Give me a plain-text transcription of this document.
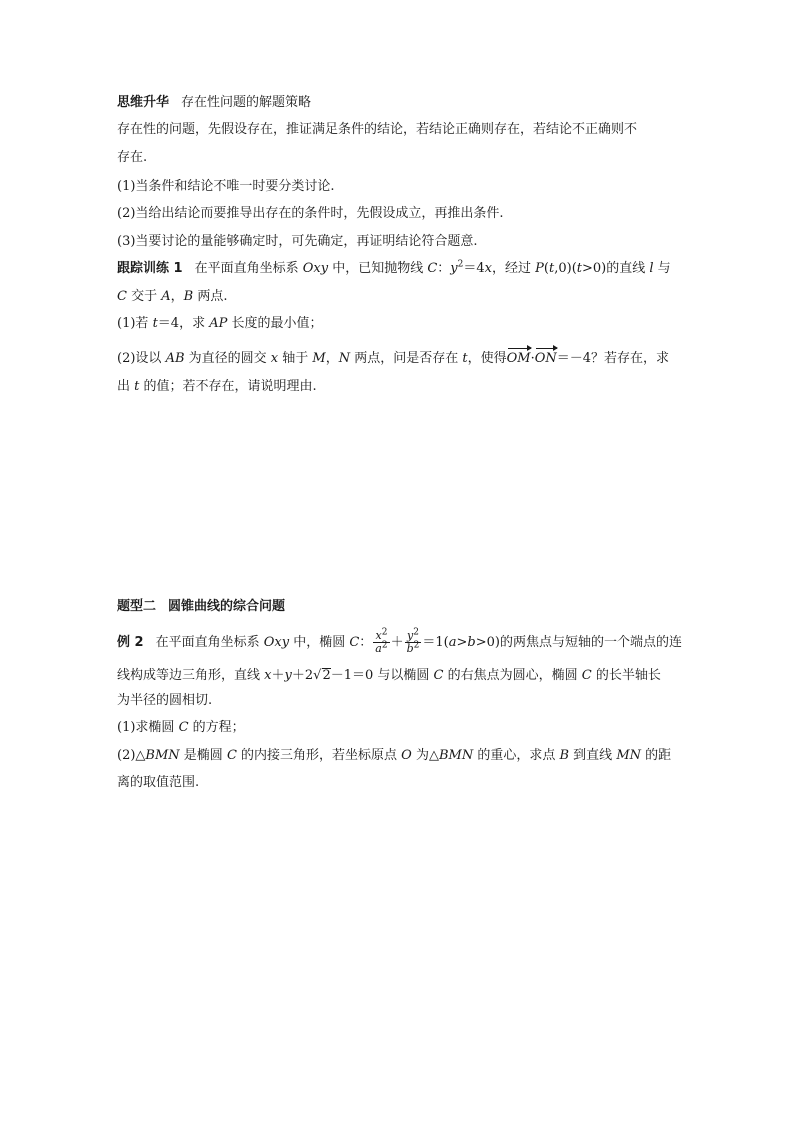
思维升华 存在性问题的解题策略
存在性的问题，先假设存在，推证满足条件的结论，若结论正确则存在，若结论不正确则不
存在.
(1)当条件和结论不唯一时要分类讨论.
(2)当给出结论而要推导出存在的条件时，先假设成立，再推出条件.
(3)当要讨论的量能够确定时，可先确定，再证明结论符合题意.
跟踪训练 1 在平面直角坐标系 Oxy 中，已知抛物线 C：$y^2=4x$，经过 P(t,0)(t>0)的直线 l 与
C 交于 A，B 两点.
(1)若 t＝4，求 AP 长度的最小值；
(2)设以 AB 为直径的圆交 x 轴于 M，N 两点，问是否存在 t，使得OM·ON＝－4？若存在，求
出 t 的值；若不存在，请说明理由.
题型二 圆锥曲线的综合问题
例 2 在平面直角坐标系 Oxy 中，椭圆 C： $\frac{x^2}{a^2} + \frac{y^2}{b^2} =1(a>b>0)$的两焦点与短轴的一个端点的连
线构成等边三角形，直线 x＋y＋2√2－1＝0 与以椭圆 C 的右焦点为圆心，椭圆 C 的长半轴长
为半径的圆相切.
(1)求椭圆 C 的方程；
(2)△BMN 是椭圆 C 的内接三角形，若坐标原点 O 为△BMN 的重心，求点 B 到直线 MN 的距
离的取值范围.
